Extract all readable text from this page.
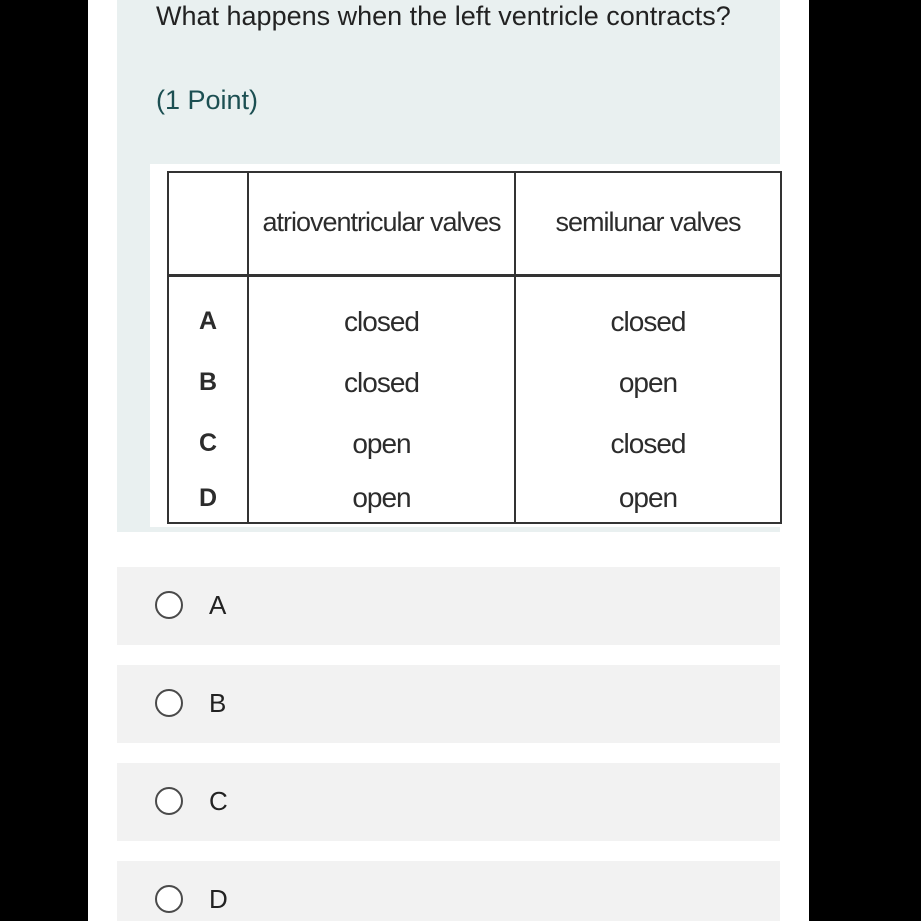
What happens when the left ventricle contracts?
(1 Point)
	atrioventricular valves	semilunar valves
A	closed	closed
B	closed	open
C	open	closed
D	open	open
A
B
C
D
